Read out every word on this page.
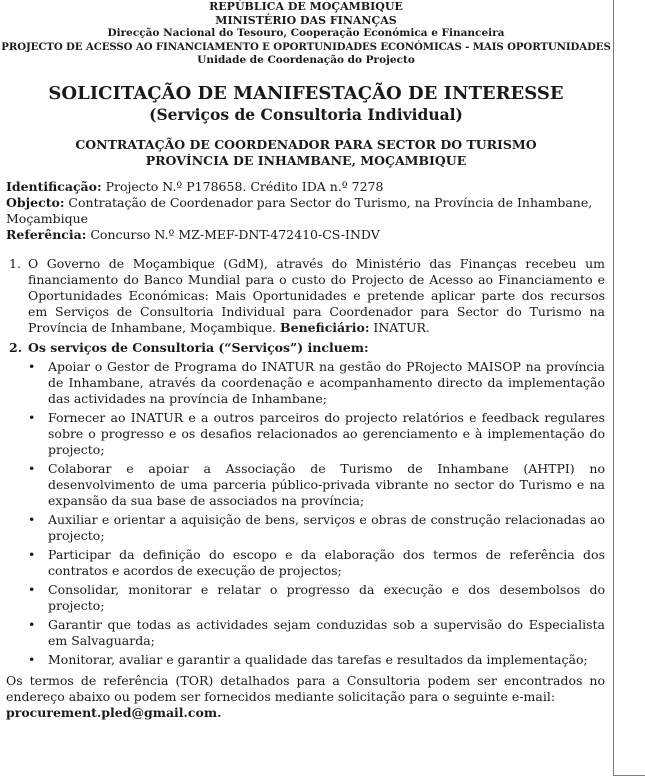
REPÚBLICA DE MOÇAMBIQUE

MINISTÉRIO DAS FINANÇAS

Direcção Nacional do Tesouro, Cooperação Económica e Financeira

PROJECTO DE ACESSO AO FINANCIAMENTO E OPORTUNIDADES ECONÓMICAS - MAIS OPORTUNIDADES

Unidade de Coordenação do Projecto

SOLICITAÇÃO DE MANIFESTAÇÃO DE INTERESSE

(Serviços de Consultoria Individual)

CONTRATAÇÃO DE COORDENADOR PARA SECTOR DO TURISMO

PROVÍNCIA DE INHAMBANE, MOÇAMBIQUE

Identificação: Projecto N.º P178658. Crédito IDA n.º 7278

Objecto: Contratação de Coordenador para Sector do Turismo, na Província de Inhambane, Moçambique

Referência: Concurso N.º MZ-MEF-DNT-472410-CS-INDV

1. O Governo de Moçambique (GdM), através do Ministério das Finanças recebeu um financiamento do Banco Mundial para o custo do Projecto de Acesso ao Financiamento e Oportunidades Económicas: Mais Oportunidades e pretende aplicar parte dos recursos em Serviços de Consultoria Individual para Coordenador para Sector do Turismo na Província de Inhambane, Moçambique. Beneficiário: INATUR.
2. Os serviços de Consultoria (“Serviços”) incluem:
• Apoiar o Gestor de Programa do INATUR na gestão do PRojecto MAISOP na província de Inhambane, através da coordenação e acompanhamento directo da implementação das actividades na província de Inhambane;
• Fornecer ao INATUR e a outros parceiros do projecto relatórios e feedback regulares sobre o progresso e os desafios relacionados ao gerenciamento e à implementação do projecto;
• Colaborar e apoiar a Associação de Turismo de Inhambane (AHTPI) no desenvolvimento de uma parceria público-privada vibrante no sector do Turismo e na expansão da sua base de associados na província;
• Auxiliar e orientar a aquisição de bens, serviços e obras de construção relacionadas ao projecto;
• Participar da definição do escopo e da elaboração dos termos de referência dos contratos e acordos de execução de projectos;
• Consolidar, monitorar e relatar o progresso da execução e dos desembolsos do projecto;
• Garantir que todas as actividades sejam conduzidas sob a supervisão do Especialista em Salvaguarda;
• Monitorar, avaliar e garantir a qualidade das tarefas e resultados da implementação;

Os termos de referência (TOR) detalhados para a Consultoria podem ser encontrados no endereço abaixo ou podem ser fornecidos mediante solicitação para o seguinte e-mail:

procurement.pled@gmail.com.
